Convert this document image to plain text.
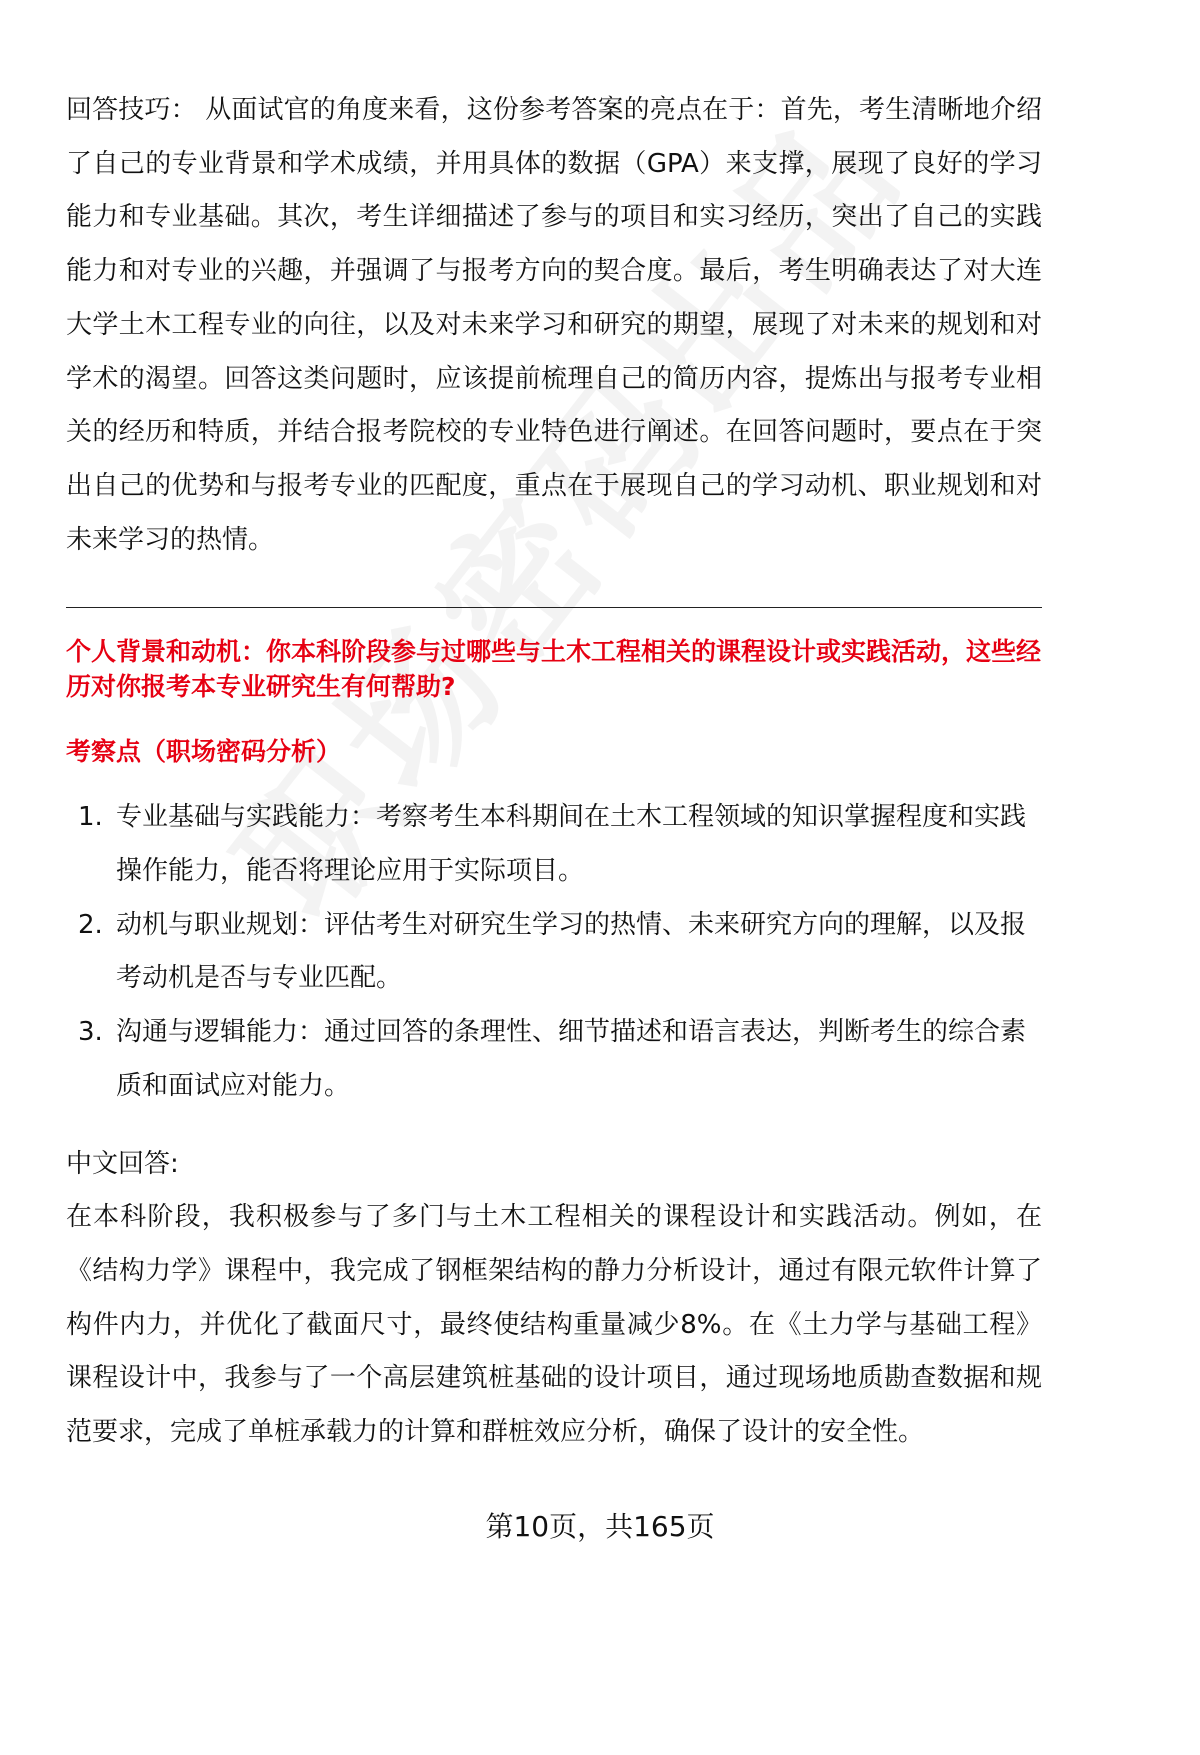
回答技巧： 从面试官的角度来看，这份参考答案的亮点在于：首先，考生清晰地介绍了自己的专业背景和学术成绩，并用具体的数据（GPA）来支撑，展现了良好的学习能力和专业基础。其次，考生详细描述了参与的项目和实习经历，突出了自己的实践能力和对专业的兴趣，并强调了与报考方向的契合度。最后，考生明确表达了对大连大学土木工程专业的向往，以及对未来学习和研究的期望，展现了对未来的规划和对学术的渴望。回答这类问题时，应该提前梳理自己的简历内容，提炼出与报考专业相关的经历和特质，并结合报考院校的专业特色进行阐述。在回答问题时，要点在于突出自己的优势和与报考专业的匹配度，重点在于展现自己的学习动机、职业规划和对未来学习的热情。

个人背景和动机：你本科阶段参与过哪些与土木工程相关的课程设计或实践活动，这些经历对你报考本专业研究生有何帮助?

考察点（职场密码分析）

1. 专业基础与实践能力：考察考生本科期间在土木工程领域的知识掌握程度和实践操作能力，能否将理论应用于实际项目。
2. 动机与职业规划：评估考生对研究生学习的热情、未来研究方向的理解，以及报考动机是否与专业匹配。
3. 沟通与逻辑能力：通过回答的条理性、细节描述和语言表达，判断考生的综合素质和面试应对能力。

中文回答:

在本科阶段，我积极参与了多门与土木工程相关的课程设计和实践活动。例如，在《结构力学》课程中，我完成了钢框架结构的静力分析设计，通过有限元软件计算了构件内力，并优化了截面尺寸，最终使结构重量减少8%。在《土力学与基础工程》课程设计中，我参与了一个高层建筑桩基础的设计项目，通过现场地质勘查数据和规范要求，完成了单桩承载力的计算和群桩效应分析，确保了设计的安全性。

第10页，共165页
